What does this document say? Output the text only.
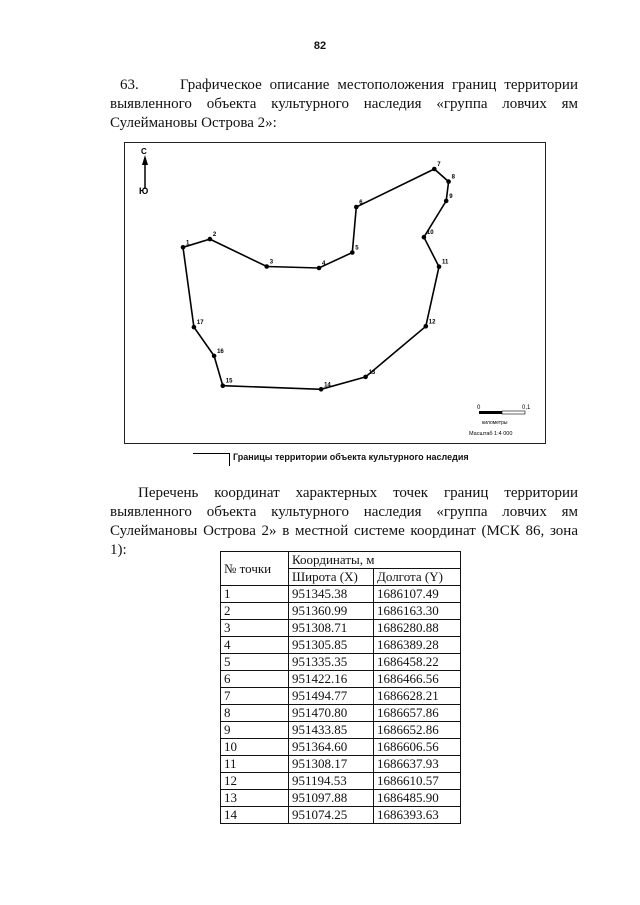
82
63.	Графическое описание местоположения границ территории выявленного объекта культурного наследия «группа ловчих ям Сулеймановы Острова 2»:
С
Ю
1
2
3	4
5
6
7
8
9
10
11
12
13
14
15
16
17
0	0,1
километры
Масштаб 1:4 000
Границы территории объекта культурного наследия
Перечень координат характерных точек границ территории выявленного объекта культурного наследия «группа ловчих ям Сулеймановы Острова 2» в местной системе координат (МСК 86, зона 1):
№ точки	Координаты, м	
	Широта (X)	Долгота (Y)
1	951345.38	1686107.49
2	951360.99	1686163.30
3	951308.71	1686280.88
4	951305.85	1686389.28
5	951335.35	1686458.22
6	951422.16	1686466.56
7	951494.77	1686628.21
8	951470.80	1686657.86
9	951433.85	1686652.86
10	951364.60	1686606.56
11	951308.17	1686637.93
12	951194.53	1686610.57
13	951097.88	1686485.90
14	951074.25	1686393.63
